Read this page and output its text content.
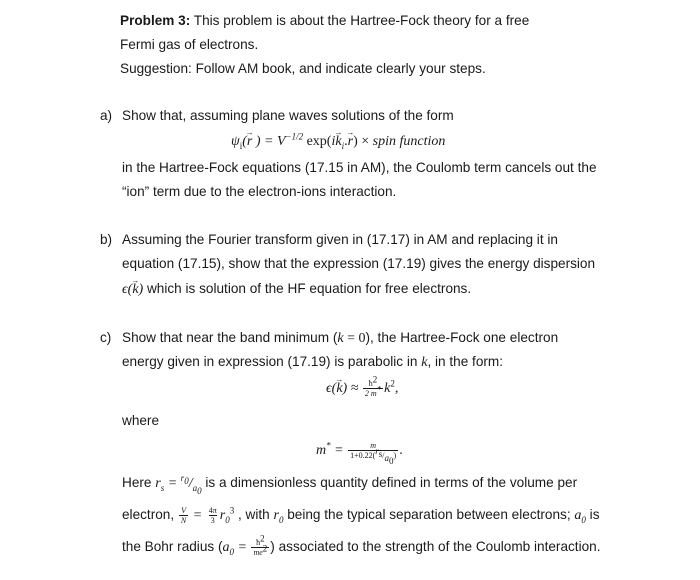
Problem 3: This problem is about the Hartree-Fock theory for a free
Fermi gas of electrons.
Suggestion: Follow AM book, and indicate clearly your steps.
a) Show that, assuming plane waves solutions of the form
$\psi_i(\to r$ ) = $V^{-1/2}$ $\exp(i\to k_i.\to r)$ × spin function
in the Hartree-Fock equations (17.15 in AM), the Coulomb term cancels out the
“ion” term due to the electron-ions interaction.
b) Assuming the Fourier transform given in (17.17) in AM and replacing it in
equation (17.15), show that the expression (17.19) gives the energy dispersion
ϵ(→ k) which is solution of the HF equation for free electrons.
c) Show that near the band minimum (k = 0), the Hartree-Fock one electron
energy given in expression (17.19) is parabolic in k, in the form:
$\epsilon(\to k) \approx \frac{ħ^2}{2 m^*} k^2$,
where
$m^* = \frac{m}{1+0.22(^{r_s}/_{a_0})}$ .
Here $r_s = ^{r_0}/_{a_0}$ is a dimensionless quantity defined in terms of the volume per
electron, $\frac{V}{N} = \frac{4\pi}{3} r_0^3$ , with $r_0$ being the typical separation between electrons; $a_0$ is
the Bohr radius ($a_0 = \frac{ħ^2}{me^2}$ ) associated to the strength of the Coulomb interaction.
